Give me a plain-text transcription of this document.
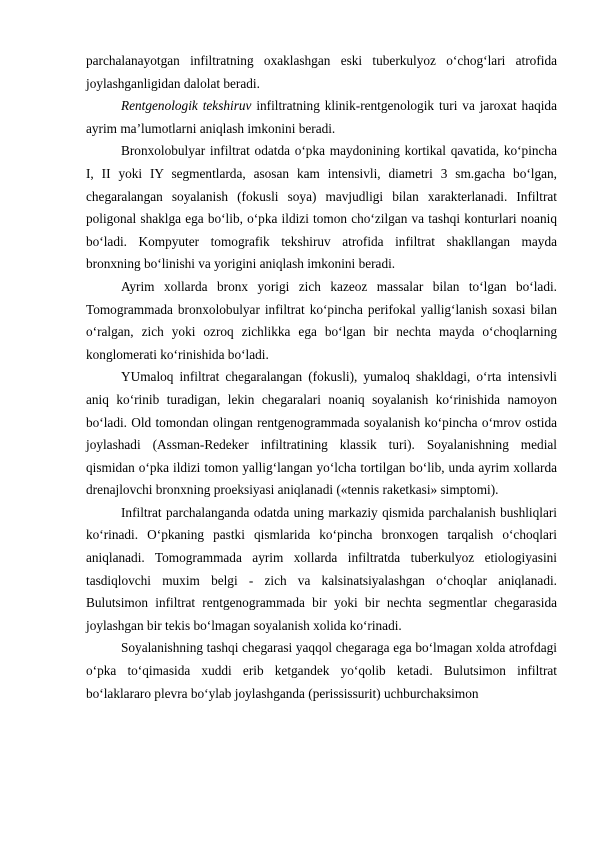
parchalanayotgan infiltratning oxaklashgan eski tuberkulyoz o‘chog‘lari atrofida joylashganligidan dalolat beradi.

Rentgenologik tekshiruv infiltratning klinik-rentgenologik turi va jaroxat haqida ayrim ma’lumotlarni aniqlash imkonini beradi.

Bronxolobulyar infiltrat odatda o‘pka maydonining kortikal qavatida, ko‘pincha I, II yoki IY segmentlarda, asosan kam intensivli, diametri 3 sm.gacha bo‘lgan, chegaralangan soyalanish (fokusli soya) mavjudligi bilan xarakterlanadi. Infiltrat poligonal shaklga ega bo‘lib, o‘pka ildizi tomon cho‘zilgan va tashqi konturlari noaniq bo‘ladi. Kompyuter tomografik tekshiruv atrofida infiltrat shakllangan mayda bronxning bo‘linishi va yorigini aniqlash imkonini beradi.

Ayrim xollarda bronx yorigi zich kazeoz massalar bilan to‘lgan bo‘ladi. Tomogrammada bronxolobulyar infiltrat ko‘pincha perifokal yallig‘lanish soxasi bilan o‘ralgan, zich yoki ozroq zichlikka ega bo‘lgan bir nechta mayda o‘choqlarning konglomerati ko‘rinishida bo‘ladi.

YUmaloq infiltrat chegaralangan (fokusli), yumaloq shakldagi, o‘rta intensivli aniq ko‘rinib turadigan, lekin chegaralari noaniq soyalanish ko‘rinishida namoyon bo‘ladi. Old tomondan olingan rentgenogrammada soyalanish ko‘pincha o‘mrov ostida joylashadi (Assman-Redeker infiltratining klassik turi). Soyalanishning medial qismidan o‘pka ildizi tomon yallig‘langan yo‘lcha tortilgan bo‘lib, unda ayrim xollarda drenajlovchi bronxning proeksiyasi aniqlanadi («tennis raketkasi» simptomi).

Infiltrat parchalanganda odatda uning markaziy qismida parchalanish bushliqlari ko‘rinadi. O‘pkaning pastki qismlarida ko‘pincha bronxogen tarqalish o‘choqlari aniqlanadi. Tomogrammada ayrim xollarda infiltratda tuberkulyoz etiologiyasini tasdiqlovchi muxim belgi - zich va kalsinatsiyalashgan o‘choqlar aniqlanadi. Bulutsimon infiltrat rentgenogrammada bir yoki bir nechta segmentlar chegarasida joylashgan bir tekis bo‘lmagan soyalanish xolida ko‘rinadi.

Soyalanishning tashqi chegarasi yaqqol chegaraga ega bo‘lmagan xolda atrofdagi o‘pka to‘qimasida xuddi erib ketgandek yo‘qolib ketadi. Bulutsimon infiltrat bo‘laklararo plevra bo‘ylab joylashganda (perississurit) uchburchaksimon
